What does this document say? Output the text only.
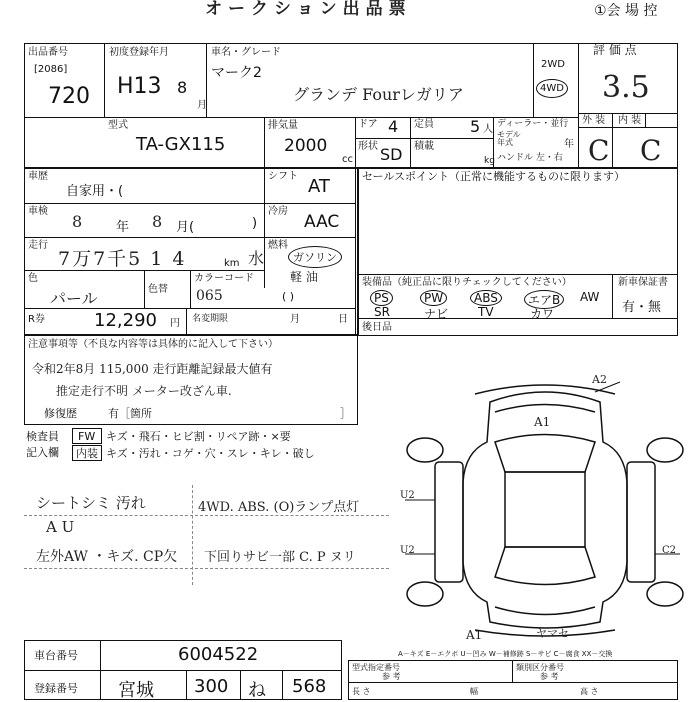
オークション出品票	①会 場 控
出品番号
[2086]
720
初度登録年月
H13 8
月
車名・グレード
マーク2
グランデ Fourレガリア
2WD
4WD
評 価 点
3.5
外 装 内 装
C C
型式
TA-GX115
排気量
2000
cc
ドア 4 定員 5 人
形状 SD 積載
kg
ディーラー・並行
モデル年式	年
ハンドル 左・右
車歴
自家用・(
シフト AT
車検
8	年 8 月(	)
冷房
AAC
走行
7万7千5 1 4	km 水
燃料
ガソリン
軽 油
( )
色
パール	色替
カラーコード
065
R券	12,290 円 名変期限	月	日
セールスポイント（正常に機能するものに限ります）
装備品（純正品に限りチェックしてください）	新車保証書
有・無
後日品
PS	PW	ABS	エアB	AW
SR	ナビ TV	カワ
注意事項等（不良な内容等は具体的に記入して下さい）
令和2年8月 115,000 走行距離記録最大値有
推定走行不明 メーター改ざん車.
修復歴	有［箇所	］
検査員
記入欄
FW キズ・飛石・ヒビ割・リペア跡・×要
内装 キズ・汚れ・コゲ・穴・スレ・キレ・破し
シートシミ 汚れ
A U
左外AW ・キズ. CP欠
4WD. ABS. (O)ランプ点灯
下回りサビ一部 C. P ヌリ
A2
A1
U2
U2	C2
A1	ヤマセ
A－キズ E－エクボ U－凹み W－補修跡 S－サビ C－腐食 XX－交換
車台番号	6004522
登録番号 宮城 300 ね 568
型式指定番号
参 考
類別区分番号
参 考
長 さ	幅	高 さ
